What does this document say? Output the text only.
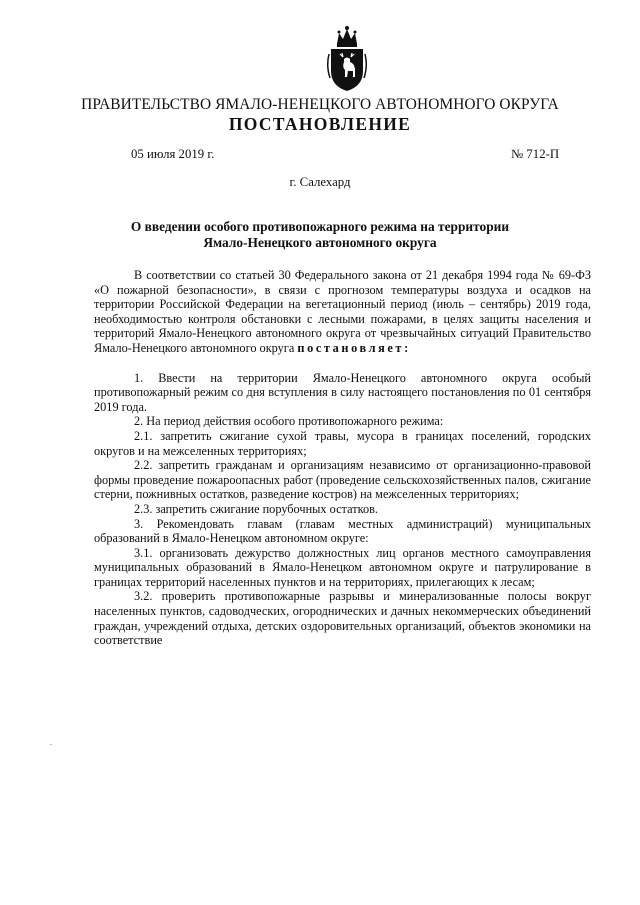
ПРАВИТЕЛЬСТВО ЯМАЛО-НЕНЕЦКОГО АВТОНОМНОГО ОКРУГА
ПОСТАНОВЛЕНИЕ
05 июля 2019 г.	№ 712-П
г. Салехард
О введении особого противопожарного режима на территории
Ямало-Ненецкого автономного округа

В соответствии со статьей 30 Федерального закона от 21 декабря 1994 года № 69-ФЗ «О пожарной безопасности», в связи с прогнозом температуры воздуха и осадков на территории Российской Федерации на вегетационный период (июль – сентябрь) 2019 года, необходимостью контроля обстановки с лесными пожарами, в целях защиты населения и территорий Ямало-Ненецкого автономного округа от чрезвычайных ситуаций Правительство Ямало-Ненецкого автономного округа постановляет:

1. Ввести на территории Ямало-Ненецкого автономного округа особый противопожарный режим со дня вступления в силу настоящего постановления по 01 сентября 2019 года.

2. На период действия особого противопожарного режима:

2.1. запретить сжигание сухой травы, мусора в границах поселений, городских округов и на межселенных территориях;

2.2. запретить гражданам и организациям независимо от организационно-правовой формы проведение пожароопасных работ (проведение сельскохозяйственных палов, сжигание стерни, пожнивных остатков, разведение костров) на межселенных территориях;

2.3. запретить сжигание порубочных остатков.

3. Рекомендовать главам (главам местных администраций) муниципальных образований в Ямало-Ненецком автономном округе:

3.1. организовать дежурство должностных лиц органов местного самоуправления муниципальных образований в Ямало-Ненецком автономном округе и патрулирование в границах территорий населенных пунктов и на территориях, прилегающих к лесам;

3.2. проверить противопожарные разрывы и минерализованные полосы вокруг населенных пунктов, садоводческих, огороднических и дачных некоммерческих объединений граждан, учреждений отдыха, детских оздоровительных организаций, объектов экономики на соответствие
